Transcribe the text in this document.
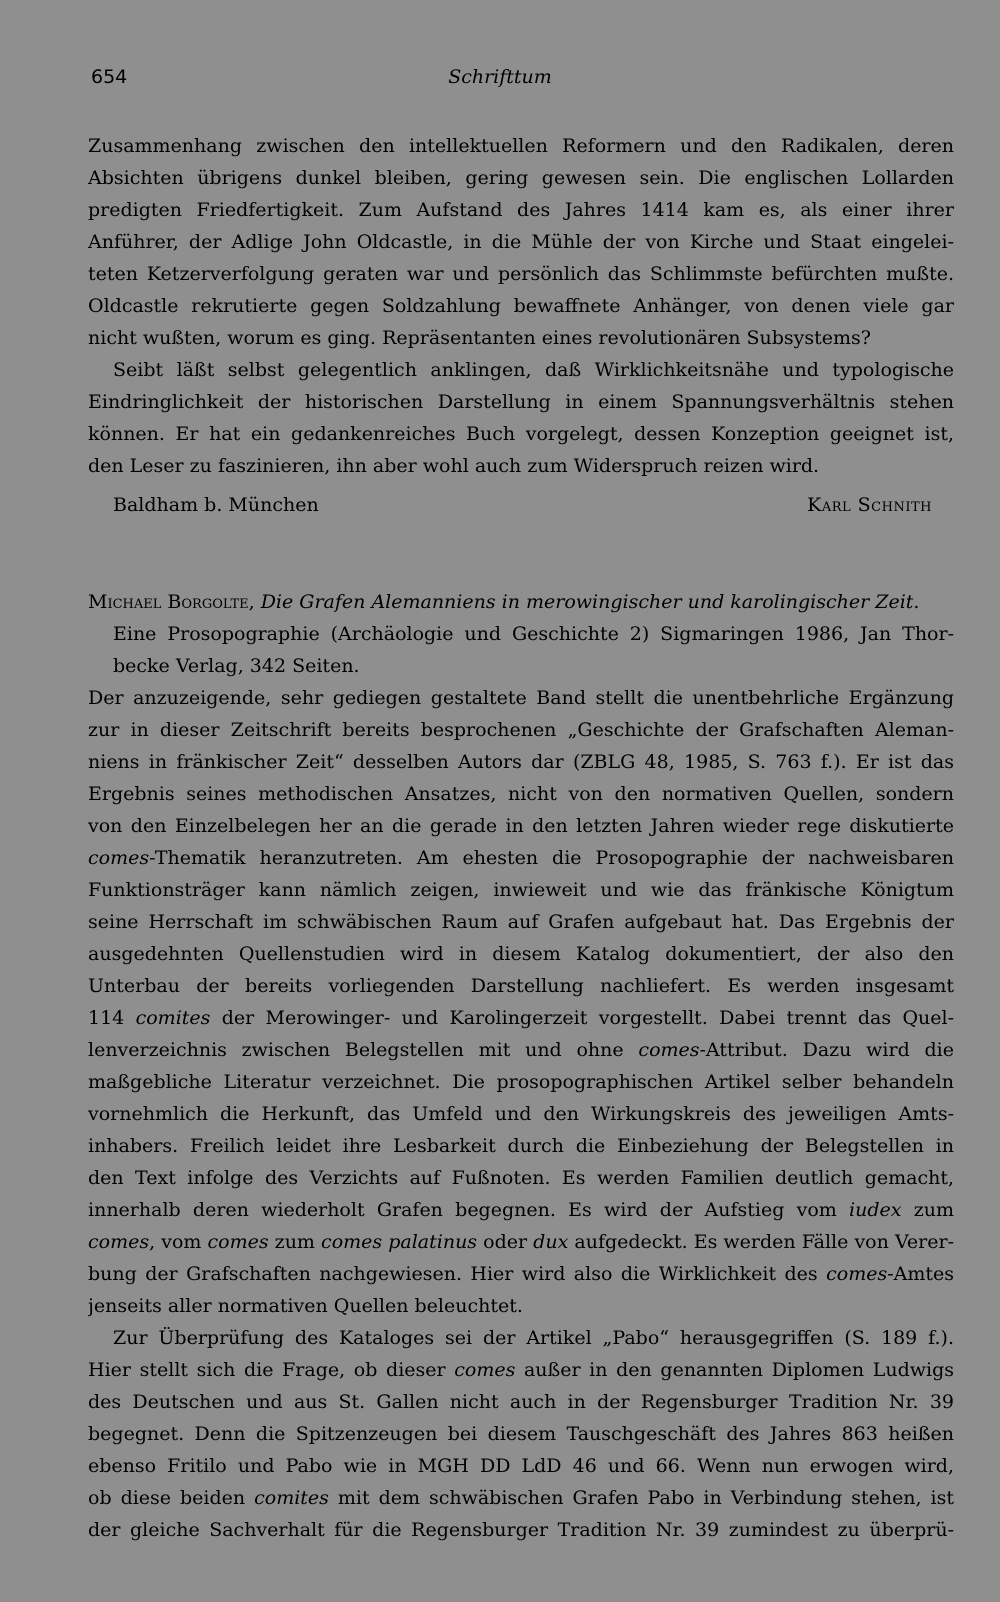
654	Schrifttum
Zusammenhang zwischen den intellektuellen Reformern und den Radikalen, deren
Absichten übrigens dunkel bleiben, gering gewesen sein. Die englischen Lollarden
predigten Friedfertigkeit. Zum Aufstand des Jahres 1414 kam es, als einer ihrer
Anführer, der Adlige John Oldcastle, in die Mühle der von Kirche und Staat eingelei-
teten Ketzerverfolgung geraten war und persönlich das Schlimmste befürchten mußte.
Oldcastle rekrutierte gegen Soldzahlung bewaffnete Anhänger, von denen viele gar
nicht wußten, worum es ging. Repräsentanten eines revolutionären Subsystems?
Seibt läßt selbst gelegentlich anklingen, daß Wirklichkeitsnähe und typologische
Eindringlichkeit der historischen Darstellung in einem Spannungsverhältnis stehen
können. Er hat ein gedankenreiches Buch vorgelegt, dessen Konzeption geeignet ist,
den Leser zu faszinieren, ihn aber wohl auch zum Widerspruch reizen wird.
Baldham b. München	Karl Schnith
Michael Borgolte, Die Grafen Alemanniens in merowingischer und karolingischer Zeit.
Eine Prosopographie (Archäologie und Geschichte 2) Sigmaringen 1986, Jan Thor-
becke Verlag, 342 Seiten.
Der anzuzeigende, sehr gediegen gestaltete Band stellt die unentbehrliche Ergänzung
zur in dieser Zeitschrift bereits besprochenen „Geschichte der Grafschaften Aleman-
niens in fränkischer Zeit“ desselben Autors dar (ZBLG 48, 1985, S. 763 f.). Er ist das
Ergebnis seines methodischen Ansatzes, nicht von den normativen Quellen, sondern
von den Einzelbelegen her an die gerade in den letzten Jahren wieder rege diskutierte
comes-Thematik heranzutreten. Am ehesten die Prosopographie der nachweisbaren
Funktionsträger kann nämlich zeigen, inwieweit und wie das fränkische Königtum
seine Herrschaft im schwäbischen Raum auf Grafen aufgebaut hat. Das Ergebnis der
ausgedehnten Quellenstudien wird in diesem Katalog dokumentiert, der also den
Unterbau der bereits vorliegenden Darstellung nachliefert. Es werden insgesamt
114 comites der Merowinger- und Karolingerzeit vorgestellt. Dabei trennt das Quel-
lenverzeichnis zwischen Belegstellen mit und ohne comes-Attribut. Dazu wird die
maßgebliche Literatur verzeichnet. Die prosopographischen Artikel selber behandeln
vornehmlich die Herkunft, das Umfeld und den Wirkungskreis des jeweiligen Amts-
inhabers. Freilich leidet ihre Lesbarkeit durch die Einbeziehung der Belegstellen in
den Text infolge des Verzichts auf Fußnoten. Es werden Familien deutlich gemacht,
innerhalb deren wiederholt Grafen begegnen. Es wird der Aufstieg vom iudex zum
comes, vom comes zum comes palatinus oder dux aufgedeckt. Es werden Fälle von Verer-
bung der Grafschaften nachgewiesen. Hier wird also die Wirklichkeit des comes-Amtes
jenseits aller normativen Quellen beleuchtet.
Zur Überprüfung des Kataloges sei der Artikel „Pabo“ herausgegriffen (S. 189 f.).
Hier stellt sich die Frage, ob dieser comes außer in den genannten Diplomen Ludwigs
des Deutschen und aus St. Gallen nicht auch in der Regensburger Tradition Nr. 39
begegnet. Denn die Spitzenzeugen bei diesem Tauschgeschäft des Jahres 863 heißen
ebenso Fritilo und Pabo wie in MGH DD LdD 46 und 66. Wenn nun erwogen wird,
ob diese beiden comites mit dem schwäbischen Grafen Pabo in Verbindung stehen, ist
der gleiche Sachverhalt für die Regensburger Tradition Nr. 39 zumindest zu überprü-
